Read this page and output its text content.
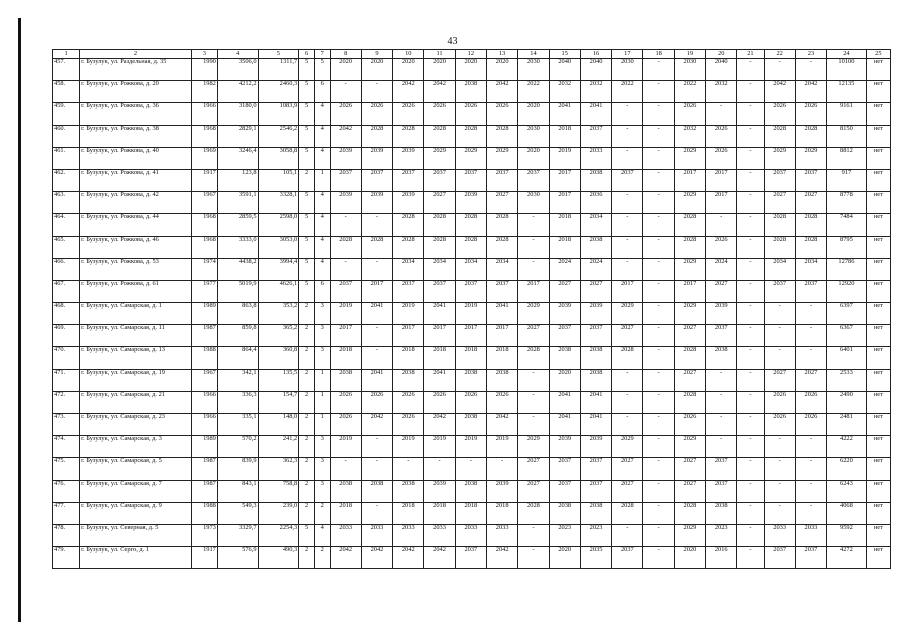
43
1	2	3	4	5	6	7	8	9	10	11	12	13	14	15	16	17	18	19	20	21	22	23	24	25
457.	г. Бузулук, ул. Раздельная, д. 35	1990	3506,0	1311,7	5	5	2020	2020	2020	2020	2020	2020	2030	2040	2040	2030	-	2030	2040	-	-	-	10100	нет
458.	г. Бузулук, ул. Рожкова, д. 20	1982	4212,2	2460,3	5	6	-	-	2042	2042	2038	2042	2022	2032	2032	2022	-	2022	2032	-	2042	2042	12135	нет
459.	г. Бузулук, ул. Рожкова, д. 36	1966	3180,0	1083,9	5	4	2026	2026	2026	2026	2026	2026	2020	2041	2041	-	-	2026	-	-	2026	2026	9161	нет
460.	г. Бузулук, ул. Рожкова, д. 38	1968	2829,1	2546,2	5	4	2042	2028	2028	2028	2028	2028	2030	2018	2037	-	-	2032	2026	-	2028	2028	8150	нет
461.	г. Бузулук, ул. Рожкова, д. 40	1969	3246,4	3058,8	5	4	2039	2039	2039	2029	2029	2029	2020	2019	2033	-	-	2029	2026	-	2029	2029	8812	нет
462.	г. Бузулук, ул. Рожкова, д. 41	1917	123,8	105,1	2	1	2037	2037	2037	2037	2037	2037	2037	2017	2038	2037	-	2017	2017	-	2037	2037	917	нет
463.	г. Бузулук, ул. Рожкова, д. 42	1967	3591,1	3328,1	5	4	2039	2039	2039	2027	2039	2027	2030	2017	2036	-	-	2029	2017	-	2027	2027	8778	нет
464.	г. Бузулук, ул. Рожкова, д. 44	1968	2859,5	2598,0	5	4	-	-	2028	2028	2028	2028	-	2018	2034	-	-	2028	-	-	2028	2028	7484	нет
465.	г. Бузулук, ул. Рожкова, д. 46	1968	3333,0	3053,0	5	4	2028	2028	2028	2028	2028	2028	-	2018	2038	-	-	2028	2026	-	2028	2028	8795	нет
466.	г. Бузулук, ул. Рожкова, д. 53	1974	4438,2	3994,4	5	4	-	-	2034	2034	2034	2034	-	2024	2024	-	-	2029	2024	-	2034	2034	12786	нет
467.	г. Бузулук, ул. Рожкова, д. 61	1977	5019,9	4626,1	5	6	2037	2017	2037	2037	2037	2037	2017	2027	2027	2017	-	2017	2027	-	2037	2037	12920	нет
468.	г. Бузулук, ул. Самарская, д. 1	1989	863,8	353,2	2	3	2019	2041	2019	2041	2019	2041	2029	2039	2039	2029	-	2029	2039	-	-	-	6397	нет
469.	г. Бузулук, ул. Самарская, д. 11	1987	859,8	365,2	2	3	2017	-	2017	2017	2017	2017	2027	2037	2037	2027	-	2027	2037	-	-	-	6367	нет
470.	г. Бузулук, ул. Самарская, д. 13	1988	864,4	360,8	2	3	2018	-	2018	2018	2018	2018	2028	2038	2038	2028	-	2028	2038	-	-	-	6401	нет
471.	г. Бузулук, ул. Самарская, д. 19	1967	342,1	135,5	2	1	2038	2041	2038	2041	2038	2038	-	2020	2038	-	-	2027	-	-	2027	2027	2533	нет
472.	г. Бузулук, ул. Самарская, д. 21	1966	336,3	154,7	2	1	2026	2026	2026	2026	2026	2026	-	2041	2041	-	-	2028	-	-	2026	2026	2490	нет
473.	г. Бузулук, ул. Самарская, д. 23	1966	335,1	148,0	2	1	2026	2042	2026	2042	2038	2042	-	2041	2041	-	-	2026	-	-	2026	2026	2481	нет
474.	г. Бузулук, ул. Самарская, д. 3	1989	570,2	241,2	2	3	2019	-	2019	2019	2019	2019	2029	2039	2039	2029	-	2029	-	-	-	-	4222	нет
475.	г. Бузулук, ул. Самарская, д. 5	1987	839,9	362,3	2	3	-	-	-	-	-	-	2027	2037	2037	2027	-	2027	2037	-	-	-	6220	нет
476.	г. Бузулук, ул. Самарская, д. 7	1987	843,1	758,8	2	3	2038	2038	2038	2039	2038	2039	2027	2037	2037	2027	-	2027	2037	-	-	-	6243	нет
477.	г. Бузулук, ул. Самарская, д. 9	1988	549,3	239,0	2	2	2018	-	2018	2018	2018	2018	2028	2038	2038	2028	-	2028	2038	-	-	-	4068	нет
478.	г. Бузулук, ул. Северная, д. 5	1973	3329,7	2254,3	5	4	2033	2033	2033	2033	2033	2033	-	2023	2023	-	-	2029	2023	-	2033	2033	9592	нет
479.	г. Бузулук, ул. Серго, д. 1	1917	576,9	490,3	2	2	2042	2042	2042	2042	2037	2042	-	2020	2035	2037	-	2020	2016	-	2037	2037	4272	нет
